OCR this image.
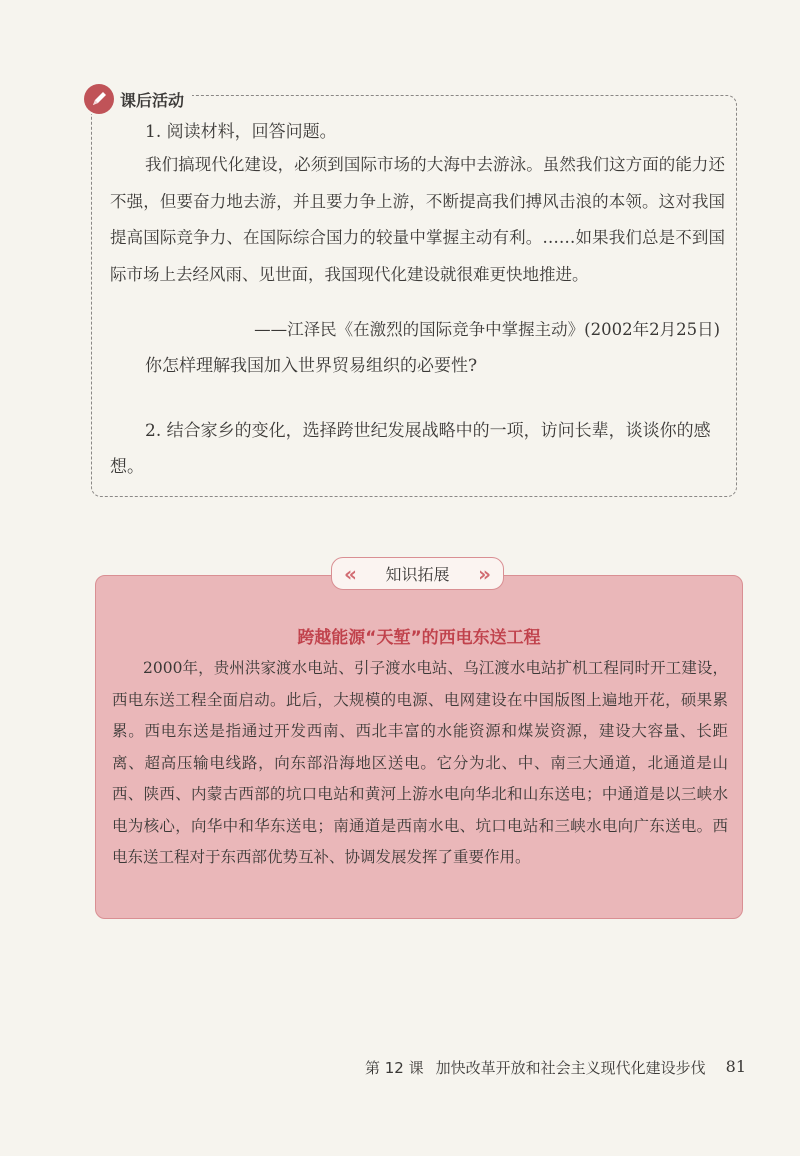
课后活动
1. 阅读材料，回答问题。
我们搞现代化建设，必须到国际市场的大海中去游泳。虽然我们这方面的能力还不强，但要奋力地去游，并且要力争上游，不断提高我们搏风击浪的本领。这对我国提高国际竞争力、在国际综合国力的较量中掌握主动有利。……如果我们总是不到国际市场上去经风雨、见世面，我国现代化建设就很难更快地推进。
——江泽民《在激烈的国际竞争中掌握主动》(2002年2月25日)
你怎样理解我国加入世界贸易组织的必要性?
2. 结合家乡的变化，选择跨世纪发展战略中的一项，访问长辈，谈谈你的感想。
« 知识拓展 »
跨越能源“天堑”的西电东送工程
2000年，贵州洪家渡水电站、引子渡水电站、乌江渡水电站扩机工程同时开工建设，西电东送工程全面启动。此后，大规模的电源、电网建设在中国版图上遍地开花，硕果累累。西电东送是指通过开发西南、西北丰富的水能资源和煤炭资源，建设大容量、长距离、超高压输电线路，向东部沿海地区送电。它分为北、中、南三大通道，北通道是山西、陕西、内蒙古西部的坑口电站和黄河上游水电向华北和山东送电；中通道是以三峡水电为核心，向华中和华东送电；南通道是西南水电、坑口电站和三峡水电向广东送电。西电东送工程对于东西部优势互补、协调发展发挥了重要作用。
第 12 课 加快改革开放和社会主义现代化建设步伐 81
